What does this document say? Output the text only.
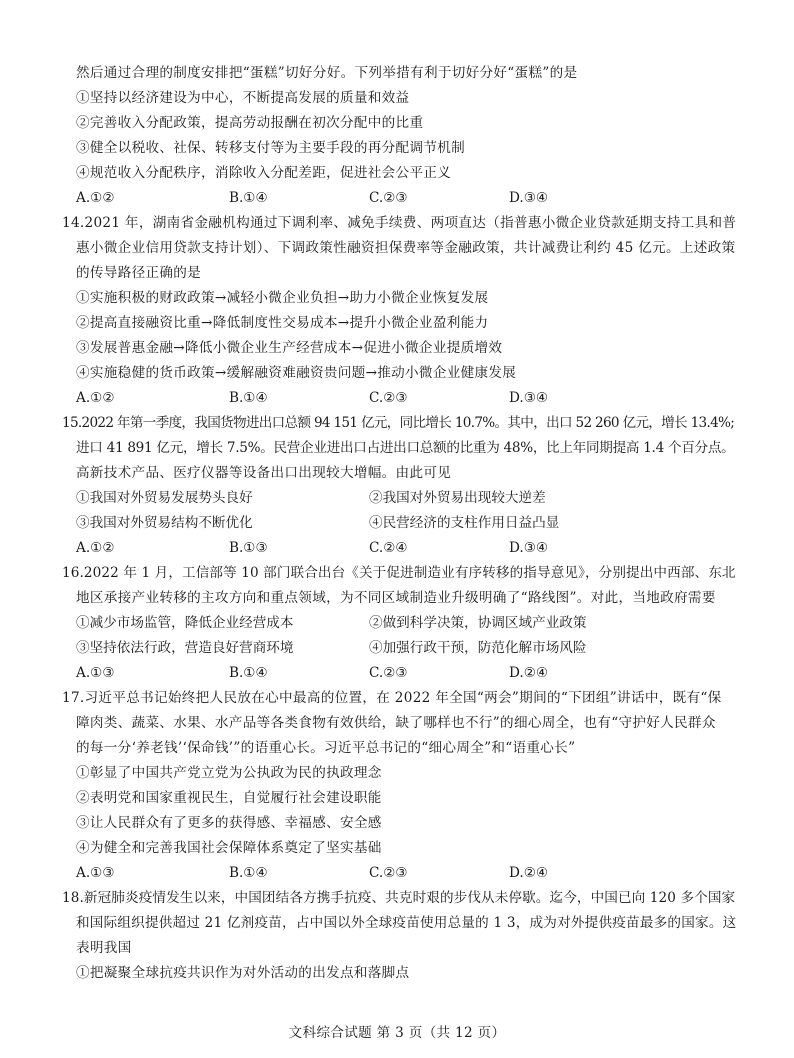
然后通过合理的制度安排把“蛋糕”切好分好。下列举措有利于切好分好“蛋糕”的是
①坚持以经济建设为中心，不断提高发展的质量和效益
②完善收入分配政策，提高劳动报酬在初次分配中的比重
③健全以税收、社保、转移支付等为主要手段的再分配调节机制
④规范收入分配秩序，消除收入分配差距，促进社会公平正义
A.①②	B.①④	C.②③	D.③④
14.2021 年，湖南省金融机构通过下调利率、减免手续费、两项直达（指普惠小微企业贷款延期支持工具和普
惠小微企业信用贷款支持计划）、下调政策性融资担保费率等金融政策，共计减费让利约 45 亿元。上述政策
的传导路径正确的是
①实施积极的财政政策→减轻小微企业负担→助力小微企业恢复发展
②提高直接融资比重→降低制度性交易成本→提升小微企业盈利能力
③发展普惠金融→降低小微企业生产经营成本→促进小微企业提质增效
④实施稳健的货币政策→缓解融资难融资贵问题→推动小微企业健康发展
A.①②	B.①④	C.②③	D.③④
15.2022 年第一季度，我国货物进出口总额 94 151 亿元，同比增长 10.7%。其中，出口 52 260 亿元，增长 13.4%;
进口 41 891 亿元，增长 7.5%。民营企业进出口占进出口总额的比重为 48%，比上年同期提高 1.4 个百分点。
高新技术产品、医疗仪器等设备出口出现较大增幅。由此可见
①我国对外贸易发展势头良好	②我国对外贸易出现较大逆差
③我国对外贸易结构不断优化	④民营经济的支柱作用日益凸显
A.①②	B.①③	C.②④	D.③④
16.2022 年 1 月，工信部等 10 部门联合出台《关于促进制造业有序转移的指导意见》，分别提出中西部、东北
地区承接产业转移的主攻方向和重点领域，为不同区域制造业升级明确了“路线图”。对此，当地政府需要
①减少市场监管，降低企业经营成本	②做到科学决策，协调区域产业政策
③坚持依法行政，营造良好营商环境	④加强行政干预，防范化解市场风险
A.①③	B.①④	C.②③	D.②④
17.习近平总书记始终把人民放在心中最高的位置，在 2022 年全国“两会”期间的“下团组”讲话中，既有“保
障肉类、蔬菜、水果、水产品等各类食物有效供给，缺了哪样也不行”的细心周全，也有“守护好人民群众
的每一分‘养老钱’‘保命钱’”的语重心长。习近平总书记的“细心周全”和“语重心长”
①彰显了中国共产党立党为公执政为民的执政理念
②表明党和国家重视民生，自觉履行社会建设职能
③让人民群众有了更多的获得感、幸福感、安全感
④为健全和完善我国社会保障体系奠定了坚实基础
A.①③	B.①④	C.②③	D.②④
18.新冠肺炎疫情发生以来，中国团结各方携手抗疫、共克时艰的步伐从未停歇。迄今，中国已向 120 多个国家
和国际组织提供超过 21 亿剂疫苗，占中国以外全球疫苗使用总量的 1 3，成为对外提供疫苗最多的国家。这
表明我国
①把凝聚全球抗疫共识作为对外活动的出发点和落脚点
文科综合试题 第 3 页（共 12 页）
